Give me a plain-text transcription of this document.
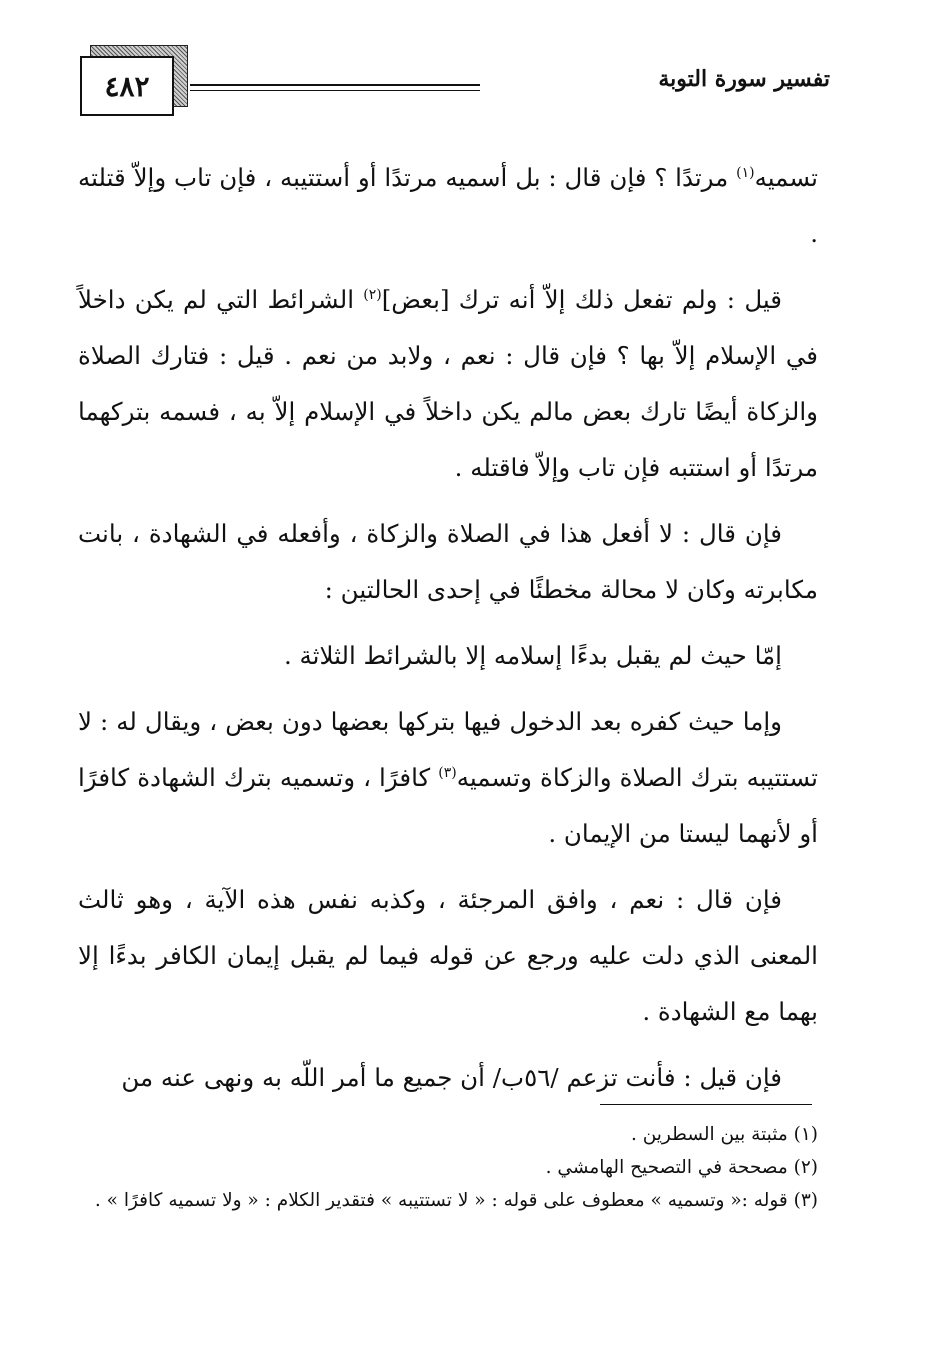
٤٨٢	تفسير سورة التوبة

تسميه$^{(١)}$ مرتدًا ؟ فإن قال : بل أسميه مرتدًا أو أستتيبه ، فإن تاب وإلاّ قتلته .

قيل : ولم تفعل ذلك إلاّ أنه ترك [بعض]$^{(٢)}$ الشرائط التي لم يكن داخلاً في الإسلام إلاّ بها ؟ فإن قال : نعم ، ولابد من نعم . قيل : فتارك الصلاة والزكاة أيضًا تارك بعض مالم يكن داخلاً في الإسلام إلاّ به ، فسمه بتركهما مرتدًا أو استتبه فإن تاب وإلاّ فاقتله .

فإن قال : لا أفعل هذا في الصلاة والزكاة ، وأفعله في الشهادة ، بانت مكابرته وكان لا محالة مخطئًا في إحدى الحالتين :

إمّا حيث لم يقبل بدءًا إسلامه إلا بالشرائط الثلاثة .

وإما حيث كفره بعد الدخول فيها بتركها بعضها دون بعض ، ويقال له : لا تستتيبه بترك الصلاة والزكاة وتسميه$^{(٣)}$ كافرًا ، وتسميه بترك الشهادة كافرًا أو لأنهما ليستا من الإيمان .

فإن قال : نعم ، وافق المرجئة ، وكذبه نفس هذه الآية ، وهو ثالث المعنى الذي دلت عليه ورجع عن قوله فيما لم يقبل إيمان الكافر بدءًا إلا بهما مع الشهادة .

فإن قيل : فأنت تزعم /٥٦ب/ أن جميع ما أمر اللّه به ونهى عنه من

(١) مثبتة بين السطرين .

(٢) مصححة في التصحيح الهامشي .

(٣) قوله :« وتسميه » معطوف على قوله : « لا تستتيبه » فتقدير الكلام : « ولا تسميه كافرًا » .
